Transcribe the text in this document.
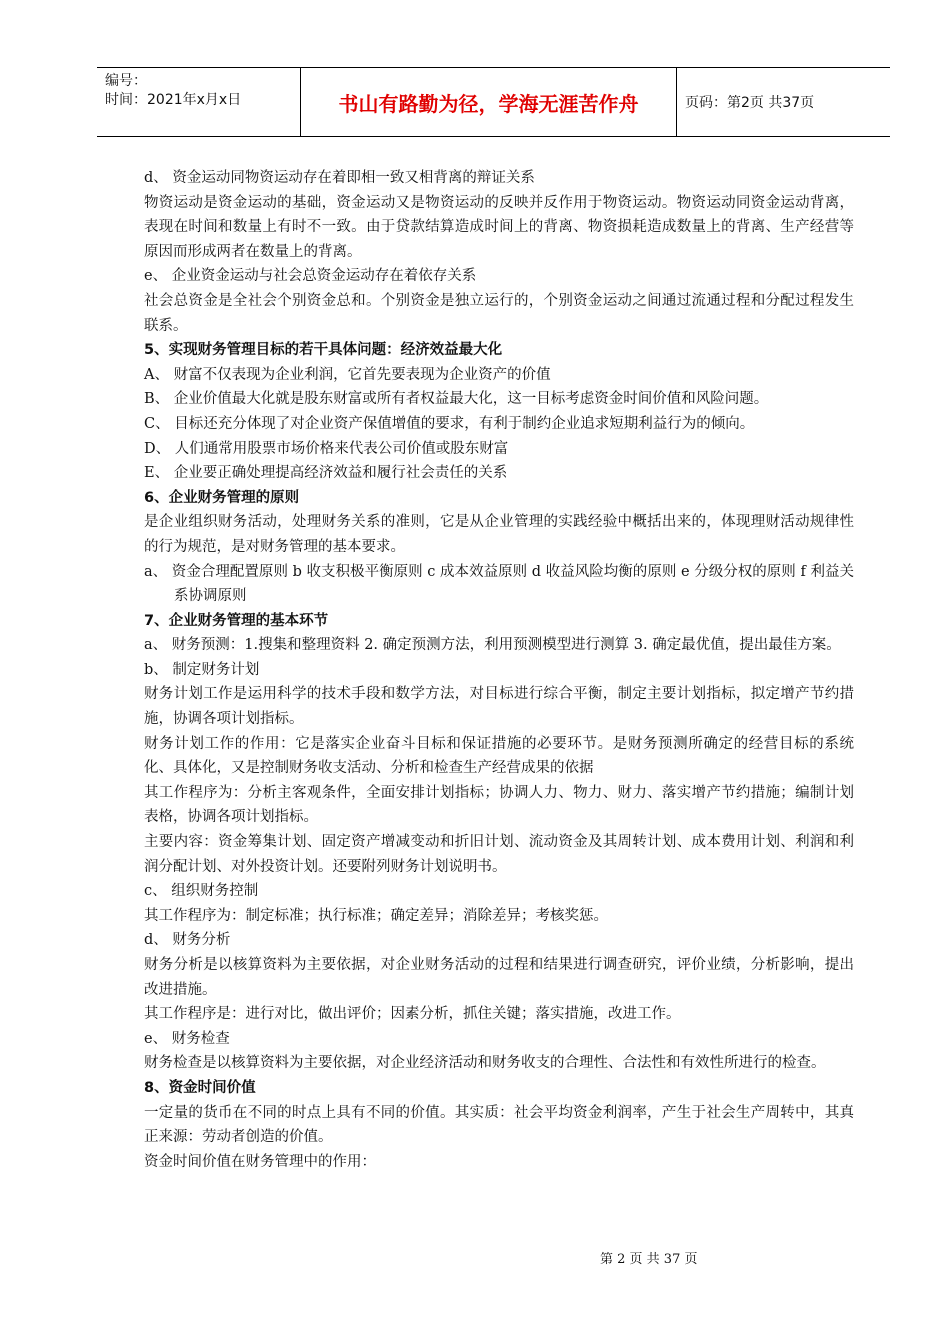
编号：
时间：2021年x月x日	书山有路勤为径，学海无涯苦作舟	页码：第2页 共37页

d、 资金运动同物资运动存在着即相一致又相背离的辩证关系

物资运动是资金运动的基础，资金运动又是物资运动的反映并反作用于物资运动。物资运动同资金运动背离，表现在时间和数量上有时不一致。由于贷款结算造成时间上的背离、物资损耗造成数量上的背离、生产经营等原因而形成两者在数量上的背离。

e、 企业资金运动与社会总资金运动存在着依存关系

社会总资金是全社会个别资金总和。个别资金是独立运行的，个别资金运动之间通过流通过程和分配过程发生联系。

5、实现财务管理目标的若干具体问题：经济效益最大化

A、 财富不仅表现为企业利润，它首先要表现为企业资产的价值

B、 企业价值最大化就是股东财富或所有者权益最大化，这一目标考虑资金时间价值和风险问题。

C、 目标还充分体现了对企业资产保值增值的要求，有利于制约企业追求短期利益行为的倾向。

D、 人们通常用股票市场价格来代表公司价值或股东财富

E、 企业要正确处理提高经济效益和履行社会责任的关系

6、企业财务管理的原则

是企业组织财务活动，处理财务关系的准则，它是从企业管理的实践经验中概括出来的，体现理财活动规律性的行为规范，是对财务管理的基本要求。

a、 资金合理配置原则 b 收支积极平衡原则 c 成本效益原则 d 收益风险均衡的原则 e 分级分权的原则 f 利益关系协调原则

7、企业财务管理的基本环节

a、 财务预测：1.搜集和整理资料 2. 确定预测方法，利用预测模型进行测算 3. 确定最优值，提出最佳方案。

b、 制定财务计划

财务计划工作是运用科学的技术手段和数学方法，对目标进行综合平衡，制定主要计划指标，拟定增产节约措施，协调各项计划指标。

财务计划工作的作用：它是落实企业奋斗目标和保证措施的必要环节。是财务预测所确定的经营目标的系统化、具体化，又是控制财务收支活动、分析和检查生产经营成果的依据

其工作程序为：分析主客观条件，全面安排计划指标；协调人力、物力、财力、落实增产节约措施；编制计划表格，协调各项计划指标。

主要内容：资金筹集计划、固定资产增减变动和折旧计划、流动资金及其周转计划、成本费用计划、利润和利润分配计划、对外投资计划。还要附列财务计划说明书。

c、 组织财务控制

其工作程序为：制定标准；执行标准；确定差异；消除差异；考核奖惩。

d、 财务分析

财务分析是以核算资料为主要依据，对企业财务活动的过程和结果进行调查研究，评价业绩，分析影响，提出改进措施。

其工作程序是：进行对比，做出评价；因素分析，抓住关键；落实措施，改进工作。

e、 财务检查

财务检查是以核算资料为主要依据，对企业经济活动和财务收支的合理性、合法性和有效性所进行的检查。

8、资金时间价值

一定量的货币在不同的时点上具有不同的价值。其实质：社会平均资金利润率，产生于社会生产周转中，其真正来源：劳动者创造的价值。

资金时间价值在财务管理中的作用：

第 2 页 共 37 页
